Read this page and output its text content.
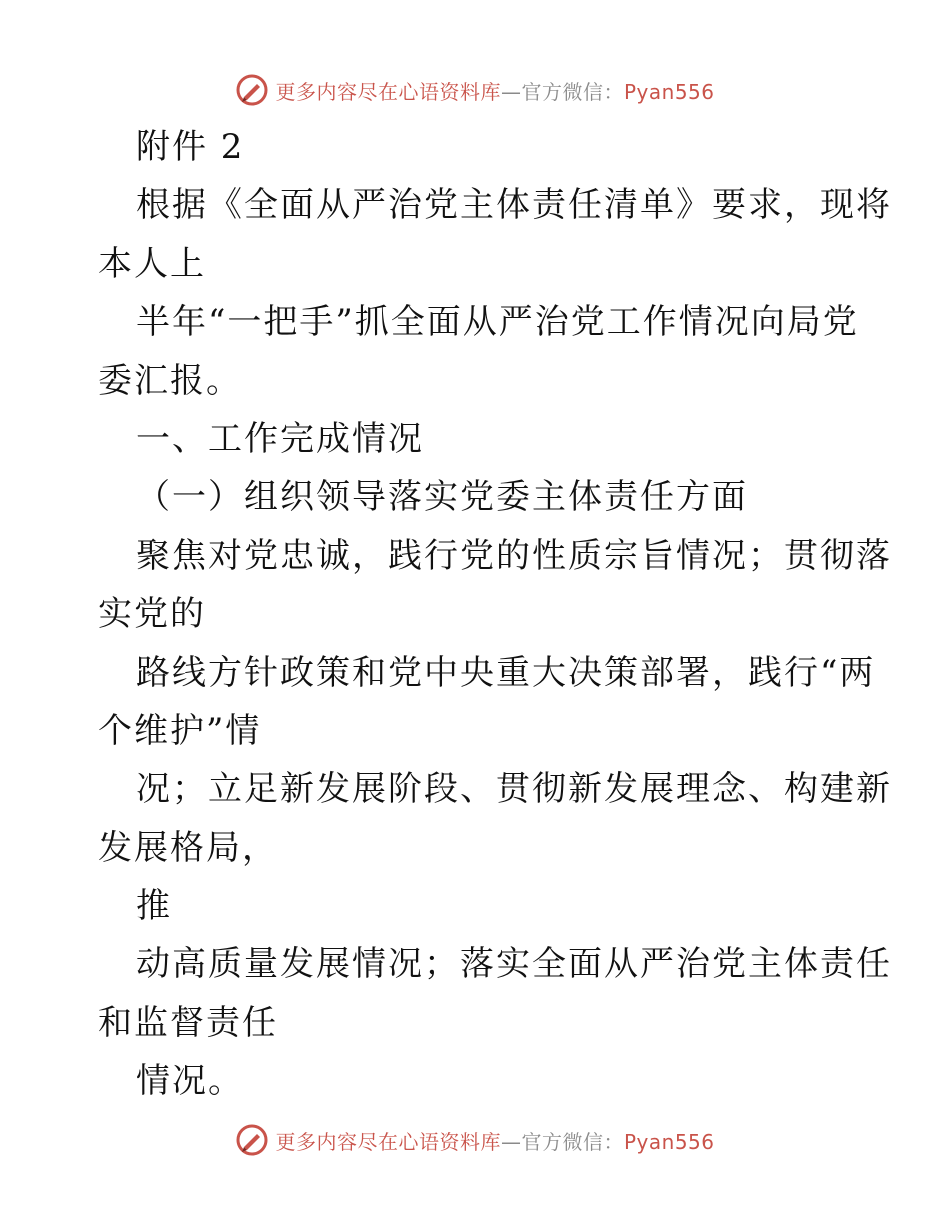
更多内容尽在心语资料库—官方微信：Pyan556
附件 2
根据《全面从严治党主体责任清单》要求，现将
本人上
半年“一把手”抓全面从严治党工作情况向局党
委汇报。
一、工作完成情况
（一）组织领导落实党委主体责任方面
聚焦对党忠诚，践行党的性质宗旨情况；贯彻落
实党的
路线方针政策和党中央重大决策部署，践行“两
个维护”情
况；立足新发展阶段、贯彻新发展理念、构建新
发展格局，
推
动高质量发展情况；落实全面从严治党主体责任
和监督责任
情况。
更多内容尽在心语资料库—官方微信：Pyan556
